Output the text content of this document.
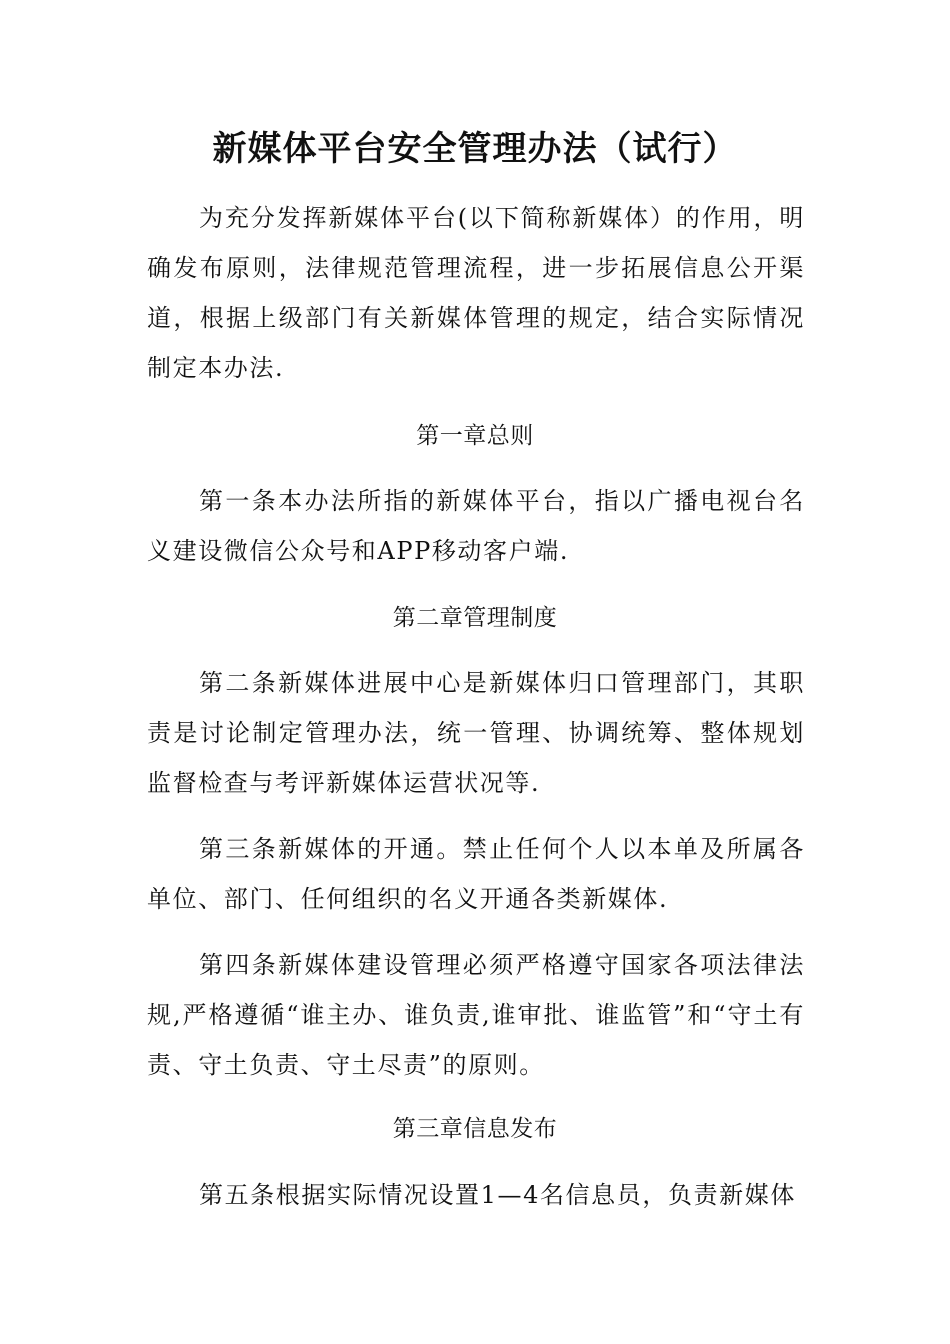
新媒体平台安全管理办法（试行）

为充分发挥新媒体平台(以下简称新媒体）的作用，明确发布原则，法律规范管理流程，进一步拓展信息公开渠道，根据上级部门有关新媒体管理的规定，结合实际情况制定本办法.

第一章总则

第一条本办法所指的新媒体平台，指以广播电视台名义建设微信公众号和APP移动客户端.

第二章管理制度

第二条新媒体进展中心是新媒体归口管理部门，其职责是讨论制定管理办法，统一管理、协调统筹、整体规划监督检查与考评新媒体运营状况等.

第三条新媒体的开通。禁止任何个人以本单及所属各单位、部门、任何组织的名义开通各类新媒体.

第四条新媒体建设管理必须严格遵守国家各项法律法规,严格遵循“谁主办、谁负责,谁审批、谁监管”和“守土有责、守土负责、守土尽责”的原则。

第三章信息发布

第五条根据实际情况设置1—4名信息员，负责新媒体
